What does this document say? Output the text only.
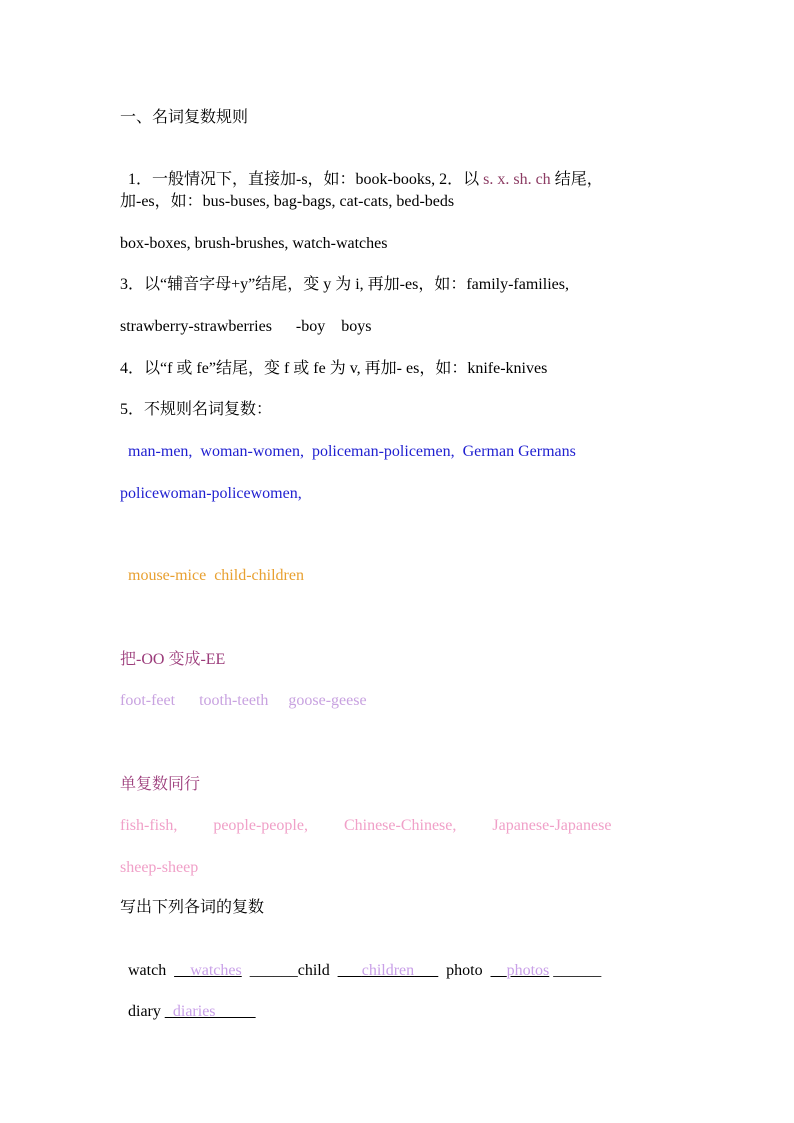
一、名词复数规则

1．一般情况下，直接加-s，如：book-books, 2．以 s. x. sh. ch 结尾，

加-es，如：bus-buses, bag-bags, cat-cats, bed-beds
box-boxes, brush-brushes, watch-watches
3．以“辅音字母+y”结尾，变 y 为 i, 再加-es，如：family-families,
strawberry-strawberries      -boy    boys
4．以“f 或 fe”结尾，变 f 或 fe 为 v, 再加- es，如：knife-knives
5．不规则名词复数：
man-men,  woman-women,  policeman-policemen,  German Germans
policewoman-policewomen,
mouse-mice  child-children
把-OO 变成-EE
foot-feet      tooth-teeth     goose-geese
单复数同行
fish-fish,         people-people,         Chinese-Chinese,         Japanese-Japanese
sheep-sheep
写出下列各词的复数

watch  __watches  ______child  ___children___  photo  __photos ______

diary _diaries_____
